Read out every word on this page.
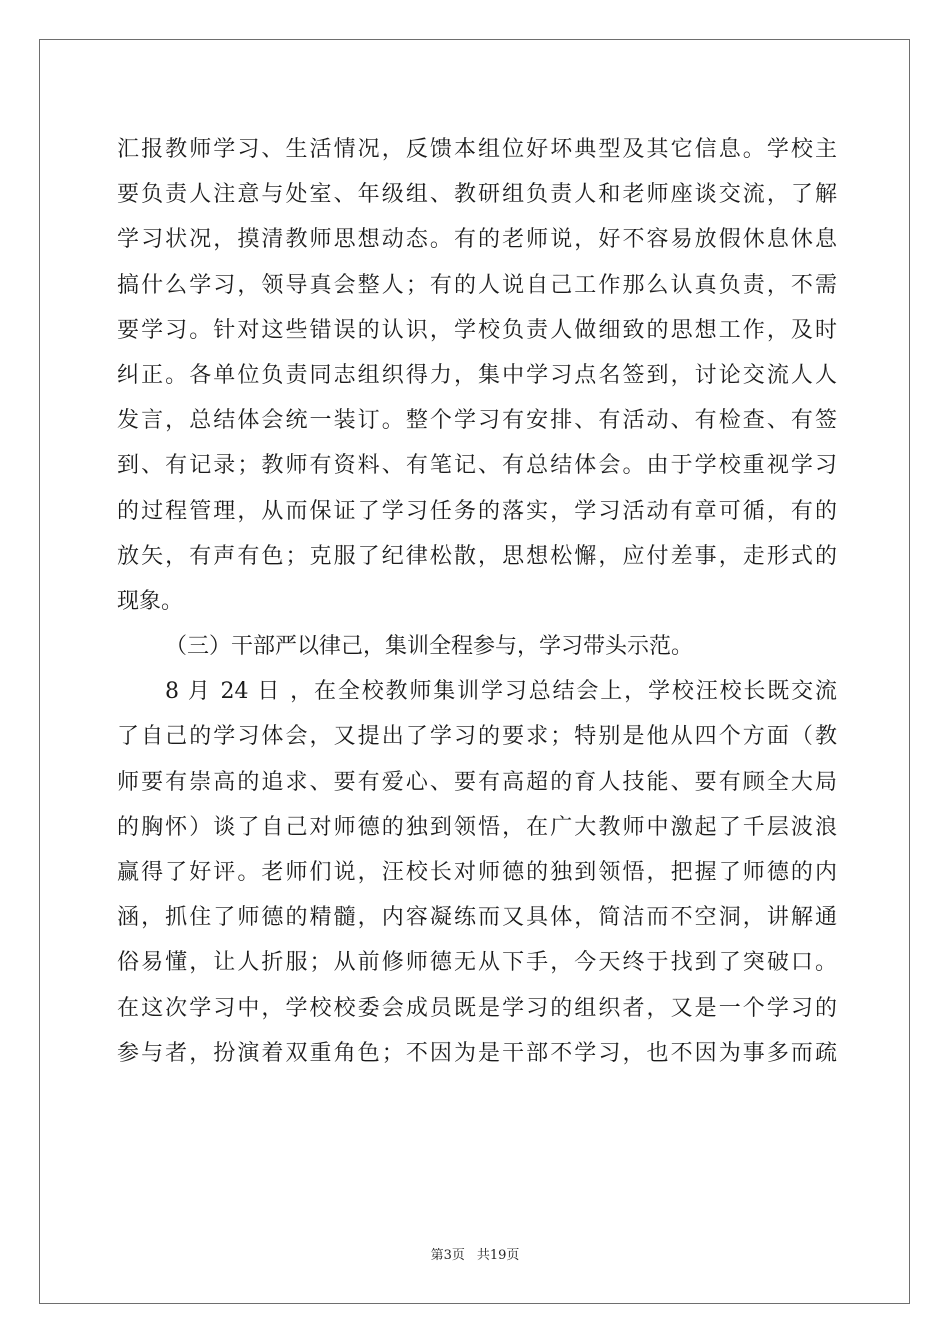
汇报教师学习、生活情况，反馈本组位好坏典型及其它信息。学校主
要负责人注意与处室、年级组、教研组负责人和老师座谈交流，了解
学习状况，摸清教师思想动态。有的老师说，好不容易放假休息休息
搞什么学习，领导真会整人；有的人说自己工作那么认真负责，不需
要学习。针对这些错误的认识，学校负责人做细致的思想工作，及时
纠正。各单位负责同志组织得力，集中学习点名签到，讨论交流人人
发言，总结体会统一装订。整个学习有安排、有活动、有检查、有签
到、有记录；教师有资料、有笔记、有总结体会。由于学校重视学习
的过程管理，从而保证了学习任务的落实，学习活动有章可循，有的
放矢，有声有色；克服了纪律松散，思想松懈，应付差事，走形式的
现象。
（三）干部严以律己，集训全程参与，学习带头示范。
8 月 24 日 ，在全校教师集训学习总结会上，学校汪校长既交流
了自己的学习体会，又提出了学习的要求；特别是他从四个方面（教
师要有崇高的追求、要有爱心、要有高超的育人技能、要有顾全大局
的胸怀）谈了自己对师德的独到领悟，在广大教师中激起了千层波浪
赢得了好评。老师们说，汪校长对师德的独到领悟，把握了师德的内
涵，抓住了师德的精髓，内容凝练而又具体，简洁而不空洞，讲解通
俗易懂，让人折服；从前修师德无从下手，今天终于找到了突破口。
在这次学习中，学校校委会成员既是学习的组织者，又是一个学习的
参与者，扮演着双重角色；不因为是干部不学习，也不因为事多而疏
第3页 共19页
